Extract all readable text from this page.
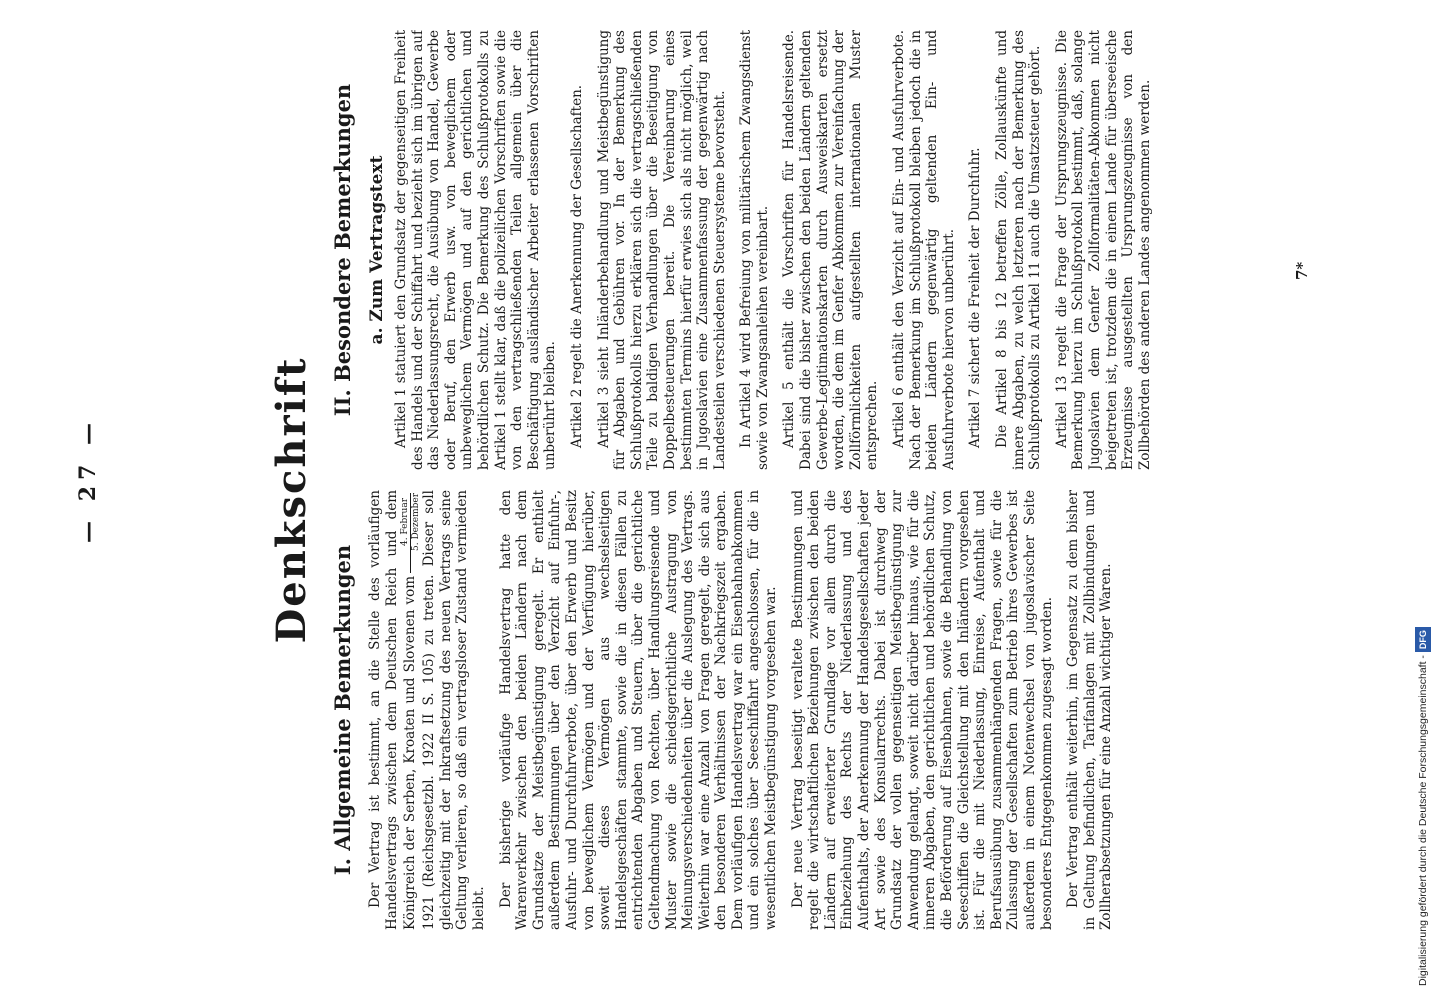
— 27 —	Denkschrift
I. Allgemeine Bemerkungen Der Vertrag ist bestimmt, an die Stelle des vorläufigen Handelsvertrags zwischen dem Deutschen Reich und dem Königreich der Serben, Kroaten und Slovenen vom
4. Februar 5. Dezember 1921 (Reichsgesetzbl. 1922 II S. 105) zu treten. Dieser soll gleichzeitig mit der Inkraftsetzung des neuen Vertrags seine Geltung verlieren, so daß ein vertragsloser Zustand vermieden bleibt.

Der bisherige vorläufige Handelsvertrag hatte den Warenverkehr zwischen den beiden Ländern nach dem Grundsatze der Meistbegünstigung geregelt. Er enthielt außerdem Bestimmungen über den Verzicht auf Einfuhr-, Ausfuhr- und Durchfuhrverbote, über den Erwerb und Besitz von beweglichem Vermögen und der Verfügung hierüber, soweit dieses Vermögen aus wechselseitigen Handelsgeschäften stammte, sowie die in diesen Fällen zu entrichtenden Abgaben und Steuern, über die gerichtliche Geltendmachung von Rechten, über Handlungsreisende und Muster sowie die schiedsgerichtliche Austragung von Meinungsverschiedenheiten über die Auslegung des Vertrags. Weiterhin war eine Anzahl von Fragen geregelt, die sich aus den besonderen Verhältnissen der Nachkriegszeit ergaben. Dem vorläufigen Handelsvertrag war ein Eisenbahnabkommen und ein solches über Seeschiffahrt angeschlossen, für die in wesentlichen Meistbegünstigung vorgesehen war. Der neue Vertrag beseitigt veraltete Bestimmungen und regelt die wirtschaftlichen Beziehungen zwischen den beiden Ländern auf erweiterter Grundlage vor allem durch die Einbeziehung des Rechts der Niederlassung und des Aufenthalts, der Anerkennung der Handelsgesellschaften jeder Art sowie des Konsularrechts. Dabei ist durchweg der Grundsatz der vollen gegenseitigen Meistbegünstigung zur Anwendung gelangt, soweit nicht darüber hinaus, wie für die inneren Abgaben, den gerichtlichen und behördlichen Schutz, die Beförderung auf Eisenbahnen, sowie die Behandlung von Seeschiffen die Gleichstellung mit den Inländern vorgesehen ist. Für die mit Niederlassung, Einreise, Aufenthalt und Berufsausübung zusammenhängenden Fragen, sowie für die Zulassung der Gesellschaften zum Betrieb ihres Gewerbes ist außerdem in einem Notenwechsel von jugoslavischer Seite besonderes Entgegenkommen zugesagt worden. Der Vertrag enthält weiterhin, im Gegensatz zu dem bisher in Geltung befindlichen, Tarifanlagen mit Zollbindungen und Zollherabsetzungen für eine Anzahl wichtiger Waren.

II. Besondere Bemerkungen a. Zum Vertragstext Artikel 1 statuiert den Grundsatz der gegenseitigen Freiheit des Handels und der Schiffahrt und bezieht sich im übrigen auf das Niederlassungsrecht, die Ausübung von Handel, Gewerbe oder Beruf, den Erwerb usw. von beweglichem oder unbeweglichem Vermögen und auf den gerichtlichen und behördlichen Schutz. Die Bemerkung des Schlußprotokolls zu Artikel 1 stellt klar, daß die polizeilichen Vorschriften sowie die von den vertragschließenden Teilen allgemein über die Beschäftigung ausländischer Arbeiter erlassenen Vorschriften unberührt bleiben. Artikel 2 regelt die Anerkennung der Gesellschaften. Artikel 3 sieht Inländerbehandlung und Meistbegünstigung für Abgaben und Gebühren vor. In der Bemerkung des Schlußprotokolls hierzu erklären sich die vertragschließenden Teile zu baldigen Verhandlungen über die Beseitigung von Doppelbesteuerungen bereit. Die Vereinbarung eines bestimmten Termins hierfür erwies sich als nicht möglich, weil in Jugoslavien eine Zusammenfassung der gegenwärtig nach Landesteilen verschiedenen Steuersysteme bevorsteht. In Artikel 4 wird Befreiung von militärischem Zwangsdienst sowie von Zwangsanleihen vereinbart. Artikel 5 enthält die Vorschriften für Handelsreisende. Dabei sind die bisher zwischen den beiden Ländern geltenden Gewerbe-Legitimationskarten durch Ausweiskarten ersetzt worden, die dem im Genfer Abkommen zur Vereinfachung der Zollförmlichkeiten aufgestellten internationalen Muster entsprechen. Artikel 6 enthält den Verzicht auf Ein- und Ausfuhrverbote. Nach der Bemerkung im Schlußprotokoll bleiben jedoch die in beiden Ländern gegenwärtig geltenden Ein- und Ausfuhrverbote hiervon unberührt. Artikel 7 sichert die Freiheit der Durchfuhr. Die Artikel 8 bis 12 betreffen Zölle, Zollauskünfte und innere Abgaben, zu welch letzteren nach der Bemerkung des Schlußprotokolls zu Artikel 11 auch die Umsatzsteuer gehört. Artikel 13 regelt die Frage der Ursprungszeugnisse. Die Bemerkung hierzu im Schlußprotokoll bestimmt, daß, solange Jugoslavien dem Genfer Zollformalitäten-Abkommen nicht beigetreten ist, trotzdem die in einem Lande für überseeische Erzeugnisse ausgestellten Ursprungszeugnisse von den Zollbehörden des anderen Landes angenommen werden.	7*
Digitalisierung gefördert durch die Deutsche Forschungsgemeinschaft - DFG
